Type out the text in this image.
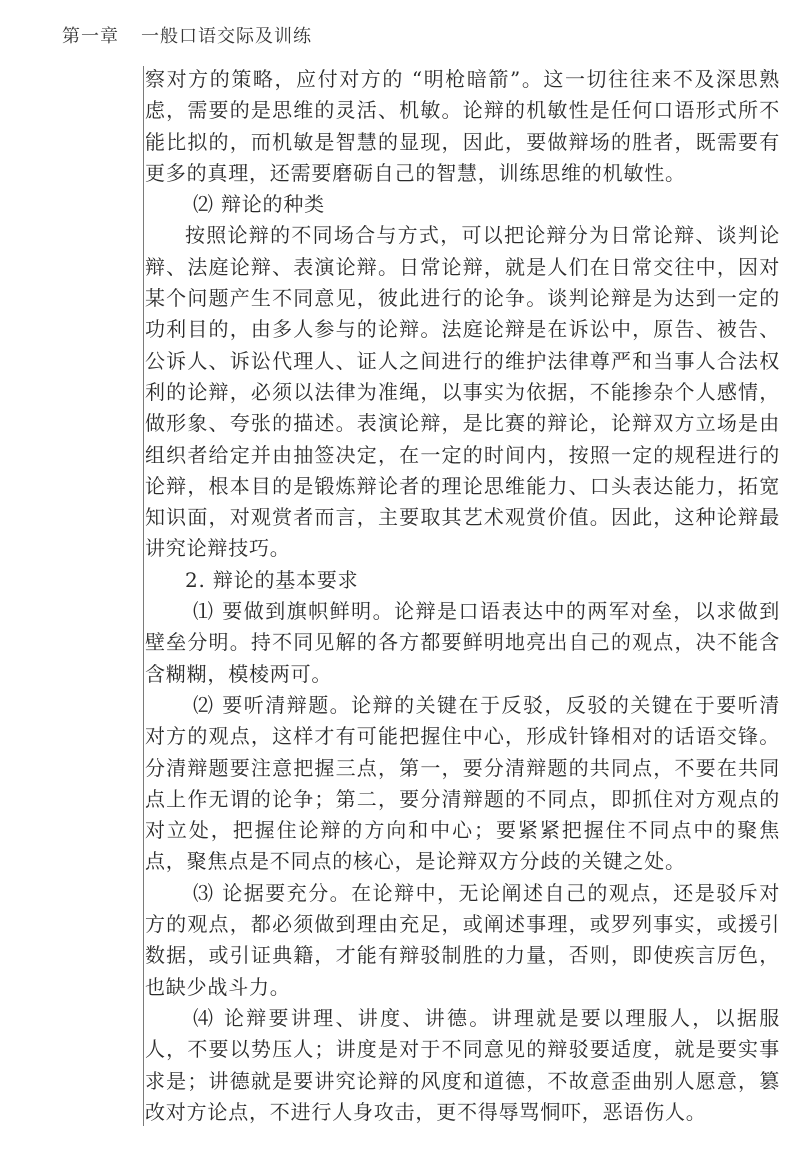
第一章 一般口语交际及训练

察对方的策略，应付对方的 “明枪暗箭”。这一切往往来不及深思熟虑，需要的是思维的灵活、机敏。论辩的机敏性是任何口语形式所不能比拟的，而机敏是智慧的显现，因此，要做辩场的胜者，既需要有更多的真理，还需要磨砺自己的智慧，训练思维的机敏性。

⑵ 辩论的种类

按照论辩的不同场合与方式，可以把论辩分为日常论辩、谈判论辩、法庭论辩、表演论辩。日常论辩，就是人们在日常交往中，因对某个问题产生不同意见，彼此进行的论争。谈判论辩是为达到一定的功利目的，由多人参与的论辩。法庭论辩是在诉讼中，原告、被告、公诉人、诉讼代理人、证人之间进行的维护法律尊严和当事人合法权利的论辩，必须以法律为准绳，以事实为依据，不能掺杂个人感情，做形象、夸张的描述。表演论辩，是比赛的辩论，论辩双方立场是由组织者给定并由抽签决定，在一定的时间内，按照一定的规程进行的论辩，根本目的是锻炼辩论者的理论思维能力、口头表达能力，拓宽知识面，对观赏者而言，主要取其艺术观赏价值。因此，这种论辩最讲究论辩技巧。

2. 辩论的基本要求

⑴ 要做到旗帜鲜明。论辩是口语表达中的两军对垒，以求做到壁垒分明。持不同见解的各方都要鲜明地亮出自己的观点，决不能含含糊糊，模棱两可。

⑵ 要听清辩题。论辩的关键在于反驳，反驳的关键在于要听清对方的观点，这样才有可能把握住中心，形成针锋相对的话语交锋。分清辩题要注意把握三点，第一，要分清辩题的共同点，不要在共同点上作无谓的论争；第二，要分清辩题的不同点，即抓住对方观点的对立处，把握住论辩的方向和中心；要紧紧把握住不同点中的聚焦点，聚焦点是不同点的核心，是论辩双方分歧的关键之处。

⑶ 论据要充分。在论辩中，无论阐述自己的观点，还是驳斥对方的观点，都必须做到理由充足，或阐述事理，或罗列事实，或援引数据，或引证典籍，才能有辩驳制胜的力量，否则，即使疾言厉色，也缺少战斗力。

⑷ 论辩要讲理、讲度、讲德。讲理就是要以理服人，以据服人，不要以势压人；讲度是对于不同意见的辩驳要适度，就是要实事求是；讲德就是要讲究论辩的风度和道德，不故意歪曲别人愿意，篡改对方论点，不进行人身攻击，更不得辱骂恫吓，恶语伤人。
